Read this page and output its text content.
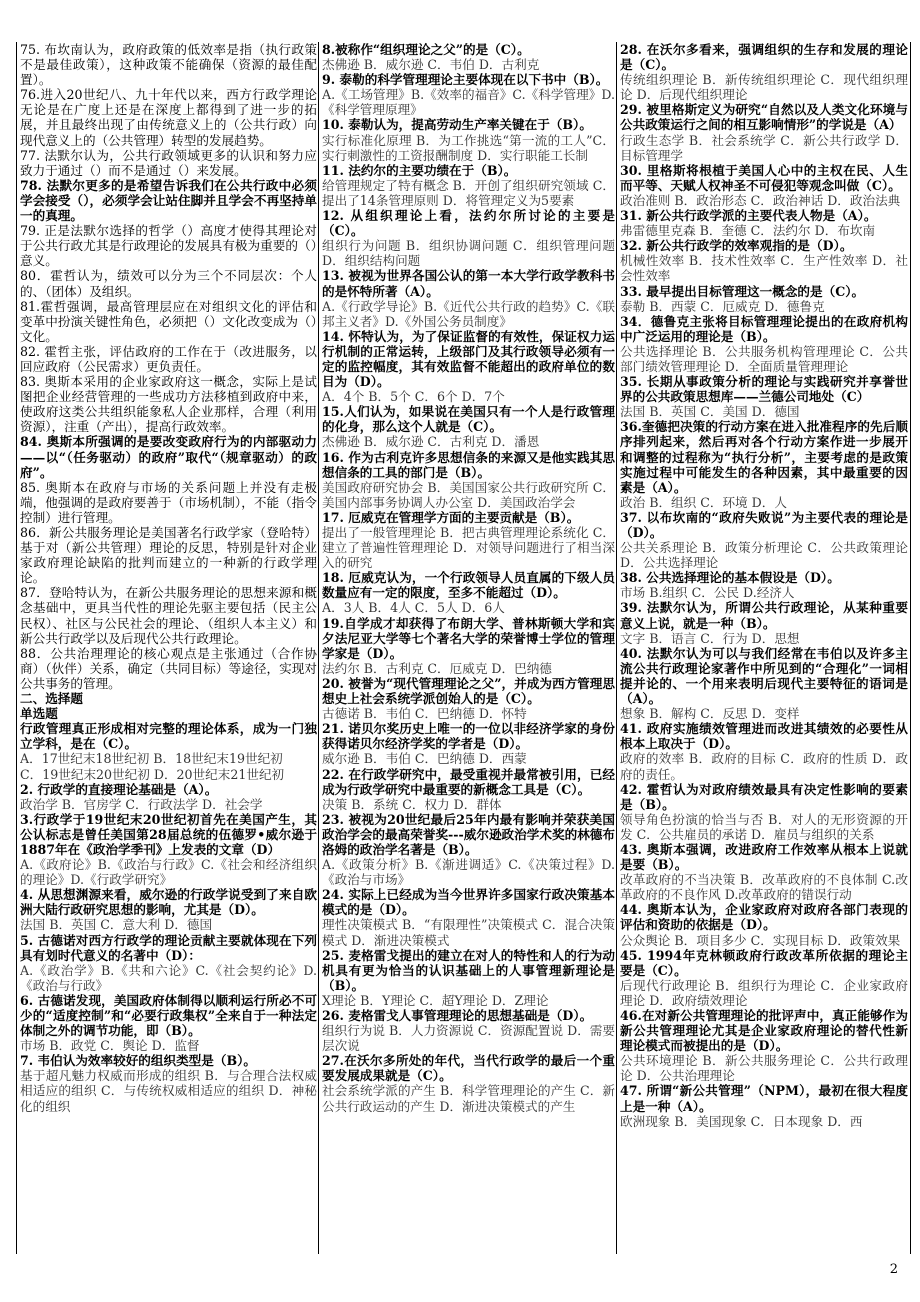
75. 布坎南认为，政府政策的低效率是指（执行政策不是最佳政策），这种政策不能确保（资源的最佳配置）。

76.进入20世纪八、九十年代以来，西方行政学理论无论是在广度上还是在深度上都得到了进一步的拓展，并且最终出现了由传统意义上的（公共行政）向现代意义上的（公共管理）转型的发展趋势。

77. 法默尔认为，公共行政领域更多的认识和努力应致力于通过（）而不是通过（）来发展。

78. 法默尔更多的是希望告诉我们在公共行政中必须学会接受（），必须学会让站住脚并且学会不再坚持单一的真理。

79. 正是法默尔选择的哲学（）高度才使得其理论对于公共行政尤其是行政理论的发展具有极为重要的（）意义。

80．霍哲认为，绩效可以分为三个不同层次：个人的、（团体）及组织。

81.霍哲强调，最高管理层应在对组织文化的评估和变革中扮演关键性角色，必须把（）文化改变成为（）文化。

82. 霍哲主张，评估政府的工作在于（改进服务，以回应政府（公民需求）更负责任。

83. 奥斯本采用的企业家政府这一概念，实际上是试图把企业经营管理的一些成功方法移植到政府中来，使政府这类公共组织能象私人企业那样，合理（利用资源），注重（产出），提高行政效率。

84. 奥斯本所强调的是要改变政府行为的内部驱动力——以“（任务驱动）的政府”取代“（规章驱动）的政府”。

85. 奥斯本在政府与市场的关系问题上并没有走极端，他强调的是政府要善于（市场机制），不能（指令控制）进行管理。

86．新公共服务理论是美国著名行政学家（登哈特）基于对（新公共管理）理论的反思，特别是针对企业家政府理论缺陷的批判而建立的一种新的行政学理论。

87．登哈特认为，在新公共服务理论的思想来源和概念基础中，更具当代性的理论先驱主要包括（民主公民权）、社区与公民社会的理论、（组织人本主义）和新公共行政学以及后现代公共行政理论。

88．公共治理理论的核心观点是主张通过（合作协商）（伙伴）关系，确定（共同目标）等途径，实现对公共事务的管理。

二、选择题

单选题

行政管理真正形成相对完整的理论体系，成为一门独立学科，是在（C）。

A．17世纪末18世纪初 B．18世纪末19世纪初

C．19世纪末20世纪初 D．20世纪末21世纪初

2. 行政学的直接理论基础是（A）。

政治学 B．官房学 C．行政法学 D．社会学

3.行政学于19世纪末20世纪初首先在美国产生，其公认标志是曾任美国第28届总统的伍德罗•威尔逊于1887年在《政治学季刊》上发表的文章（D）

A.《政府论》B.《政治与行政》C.《社会和经济组织的理论》D.《行政学研究》

4. 从思想渊源来看，威尔逊的行政学说受到了来自欧洲大陆行政研究思想的影响，尤其是（D）。

法国 B．英国 C．意大利 D．德国

5. 古德诺对西方行政学的理论贡献主要就体现在下列具有划时代意义的名著中（D）：

A.《政治学》B.《共和六论》C.《社会契约论》D.《政治与行政》

6. 古德诺发现，美国政府体制得以顺利运行所必不可少的“适度控制”和“必要行政集权”全来自于一种法定体制之外的调节功能，即（B）。

市场 B．政党 C．舆论 D．监督

7. 韦伯认为效率较好的组织类型是（B）。

基于超凡魅力权威而形成的组织 B．与合理合法权威相适应的组织 C．与传统权威相适应的组织 D．神秘化的组织

8.被称作“组织理论之父”的是（C）。

杰佛逊 B．威尔逊 C．韦伯 D．古利克

9. 泰勒的科学管理理论主要体现在以下书中（B）。

A.《工场管理》B.《效率的福音》C.《科学管理》D.《科学管理原理》

10. 泰勒认为，提高劳动生产率关键在于（B）。

实行标准化原理 B．为工作挑选“第一流的工人”C．实行刺激性的工资报酬制度 D．实行职能工长制

11. 法约尔的主要功绩在于（B）。

给管理规定了特有概念 B．开创了组织研究领域 C．提出了14条管理原则 D．将管理定义为5要素

12. 从组织理论上看，法约尔所讨论的主要是（C）。

组织行为问题 B．组织协调问题 C．组织管理问题 D．组织结构问题

13. 被视为世界各国公认的第一本大学行政学教科书的是怀特所著（A）。

A.《行政学导论》B.《近代公共行政的趋势》C.《联邦主义者》D.《外国公务员制度》

14. 怀特认为，为了保证监督的有效性，保证权力运行机制的正常运转，上级部门及其行政领导必须有一定的监控幅度，其有效监督不能超出的政府单位的数目为（D）。

A．4个 B．5个 C．6个 D．7个

15.人们认为，如果说在美国只有一个人是行政管理的化身，那么这个人就是（C）。

杰佛逊 B．威尔逊 C．古利克 D．潘恩

16. 作为古利克许多思想信条的来源又是他实践其思想信条的工具的部门是（B）。

美国政府研究协会 B．美国国家公共行政研究所 C．美国内部事务协调人办公室 D．美国政治学会

17. 厄威克在管理学方面的主要贡献是（B）。

提出了一般管理理论 B．把古典管理理论系统化 C．建立了普遍性管理理论 D．对领导问题进行了相当深入的研究

18. 厄威克认为，一个行政领导人员直属的下级人员数量应有一定的限度，至多不能超过（D）。

A．3人 B．4人 C．5人 D．6人

19.自学成才却获得了布朗大学、普林斯顿大学和宾夕法尼亚大学等七个著名大学的荣誉博士学位的管理学家是（D）。

法约尔 B．古利克 C．厄威克 D．巴纳德

20. 被誉为“现代管理理论之父”，并成为西方管理思想史上社会系统学派创始人的是（C）。

古德诺 B．韦伯 C．巴纳德 D．怀特

21. 诺贝尔奖历史上唯一的一位以非经济学家的身份获得诺贝尔经济学奖的学者是（D）。

威尔逊 B．韦伯 C．巴纳德 D．西蒙

22. 在行政学研究中，最受重视并最常被引用，已经成为行政学研究中最重要的新概念工具是（C）。

决策 B．系统 C．权力 D．群体

23. 被视为20世纪最后25年内最有影响并荣获美国政治学会的最高荣誉奖---威尔逊政治学术奖的林德布洛姆的政治学名著是（B）。

A.《政策分析》B.《渐进调适》C.《决策过程》D.《政治与市场》

24. 实际上已经成为当今世界许多国家行政决策基本模式的是（D）。

理性决策模式 B．“有限理性”决策模式 C．混合决策模式 D．渐进决策模式

25. 麦格雷戈提出的建立在对人的特性和人的行为动机具有更为恰当的认识基础上的人事管理新理论是（B）。

X理论 B．Y理论 C．超Y理论 D．Z理论

26. 麦格雷戈人事管理理论的思想基础是（D）。

组织行为说 B．人力资源说 C．资源配置说 D．需要层次说

27.在沃尔多所处的年代，当代行政学的最后一个重要发展成果就是（C）。

社会系统学派的产生 B．科学管理理论的产生 C．新公共行政运动的产生 D．渐进决策模式的产生

28. 在沃尔多看来，强调组织的生存和发展的理论是（C）。

传统组织理论 B．新传统组织理论 C．现代组织理论 D．后现代组织理论

29. 被里格斯定义为研究“自然以及人类文化环境与公共政策运行之间的相互影响情形”的学说是（A）

行政生态学 B．社会系统学 C．新公共行政学 D．目标管理学

30. 里格斯将根植于美国人心中的主权在民、人生而平等、天赋人权神圣不可侵犯等观念叫做（C）。

政治准则 B．政治形态 C．政治神话 D．政治法典

31. 新公共行政学派的主要代表人物是（A）。

弗雷德里克森 B．奎德 C．法约尔 D．布坎南

32. 新公共行政学的效率观指的是（D）。

机械性效率 B．技术性效率 C．生产性效率 D．社会性效率

33. 最早提出目标管理这一概念的是（C）。

泰勒 B．西蒙 C．厄威克 D．德鲁克

34．德鲁克主张将目标管理理论提出的在政府机构中广泛运用的理论是（B）。

公共选择理论 B．公共服务机构管理理论 C．公共部门绩效管理理论 D．全面质量管理理论

35. 长期从事政策分析的理论与实践研究并享誉世界的公共政策思想库——兰德公司地处（C）

法国 B．英国 C．美国 D．德国

36.奎德把决策的行动方案在进入批准程序的先后顺序排列起来，然后再对各个行动方案作进一步展开和调整的过程称为“执行分析”，主要考虑的是政策实施过程中可能发生的各种因素，其中最重要的因素是（A）。

政治 B．组织 C．环境 D．人

37. 以布坎南的“政府失败说”为主要代表的理论是（D）。

公共关系理论 B．政策分析理论 C．公共政策理论 D．公共选择理论

38. 公共选择理论的基本假设是（D）。

市场 B.组织 C．公民 D.经济人

39. 法默尔认为，所谓公共行政理论，从某种重要意义上说，就是一种（B）。

文字 B．语言 C．行为 D．思想

40. 法默尔认为可以与我们经常在韦伯以及许多主流公共行政理论家著作中所见到的“合理化”一词相提并论的、一个用来表明后现代主要特征的语词是（A）。

想象 B．解构 C．反思 D．变样

41. 政府实施绩效管理进而改进其绩效的必要性从根本上取决于（D）。

政府的效率 B．政府的目标 C．政府的性质 D．政府的责任。

42. 霍哲认为对政府绩效最具有决定性影响的要素是（B）。

领导角色扮演的恰当与否 B．对人的无形资源的开发 C．公共雇员的承诺 D．雇员与组织的关系

43. 奥斯本强调，改进政府工作效率从根本上说就是要（B）。

改革政府的不当决策 B．改革政府的不良体制 C.改革政府的不良作风 D.改革政府的错误行动

44. 奥斯本认为，企业家政府对政府各部门表现的评估和资助的依据是（D）。

公众舆论 B．项目多少 C．实现目标 D．政策效果

45. 1994年克林顿政府行政改革所依据的理论主要是（C）。

后现代行政理论 B．组织行为理论 C．企业家政府理论 D．政府绩效理论

46.在对新公共管理理论的批评声中，真正能够作为新公共管理理论尤其是企业家政府理论的替代性新理论模式而被提出的是（D）。

公共环境理论 B．新公共服务理论 C．公共行政理论 D．公共治理理论

47. 所谓“新公共管理”（NPM），最初在很大程度上是一种（A）。

欧洲现象 B．美国现象 C．日本现象 D．西

2
